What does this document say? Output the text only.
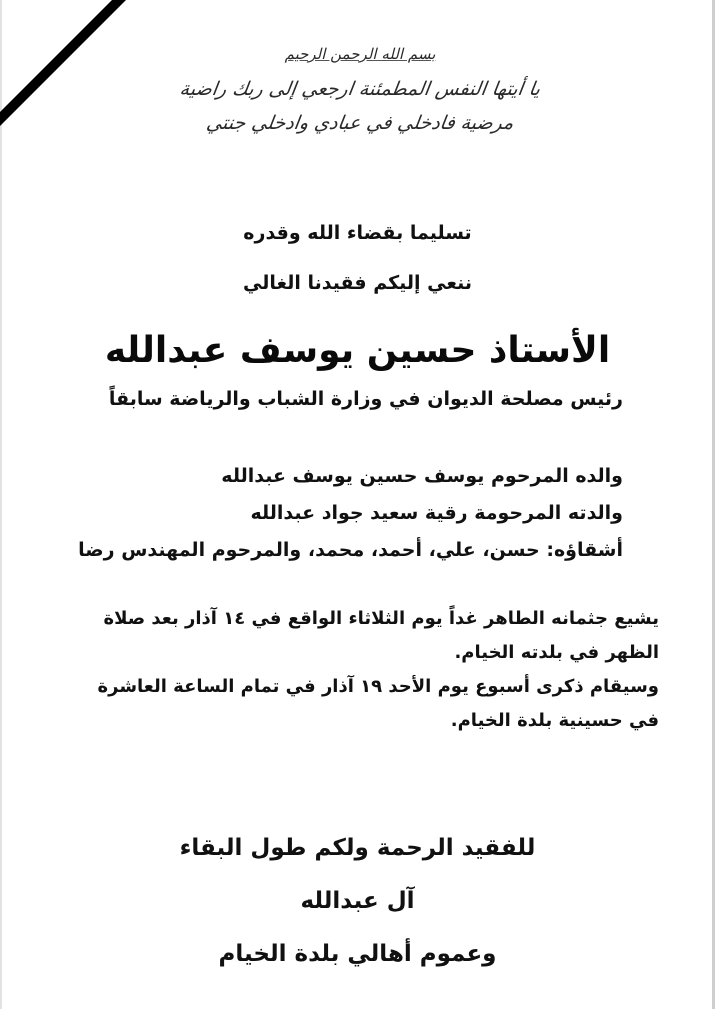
بسم الله الرحمن الرحيم
يا أيتها النفس المطمئنة ارجعي إلى ربك راضية
مرضية فادخلي في عبادي وادخلي جنتي
تسليما بقضاء الله وقدره
ننعي إليكم فقيدنا الغالي
الأستاذ حسين يوسف عبدالله
رئيس مصلحة الديوان في وزارة الشباب والرياضة سابقاً
والده المرحوم يوسف حسين يوسف عبدالله
والدته المرحومة رقية سعيد جواد عبدالله
أشقاؤه: حسن، علي، أحمد، محمد، والمرحوم المهندس رضا
يشيع جثمانه الطاهر غداً يوم الثلاثاء الواقع في ١٤ آذار بعد صلاة
الظهر في بلدته الخيام.
وسيقام ذكرى أسبوع يوم الأحد ١٩ آذار في تمام الساعة العاشرة
في حسينية بلدة الخيام.
للفقيد الرحمة ولكم طول البقاء
آل عبدالله
وعموم أهالي بلدة الخيام
